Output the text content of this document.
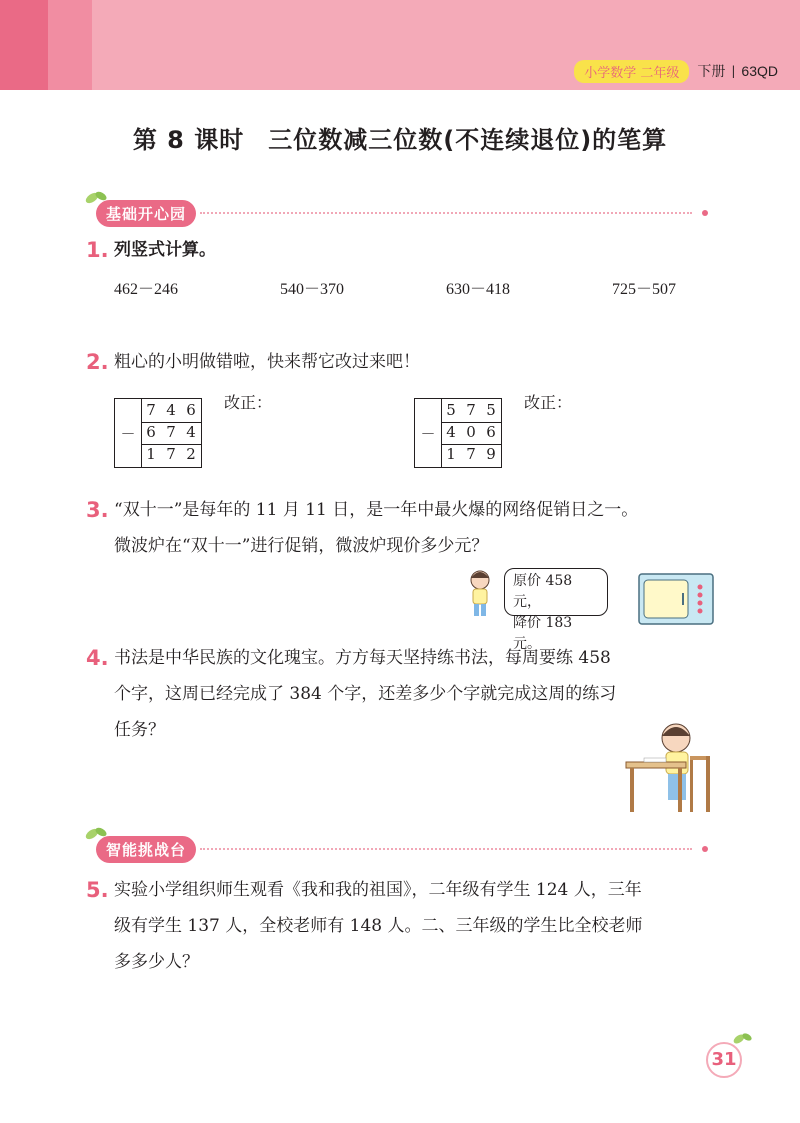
小学数学 二年级	下册 | 63QD
第 8 课时 三位数减三位数(不连续退位)的笔算
基础开心园
1. 列竖式计算。
462－246	540－370	630－418	725－507
2. 粗心的小明做错啦，快来帮它改过来吧！
7 4 6
－ 6 7 4
1 7 2
改正：	5 7 5
－ 4 0 6
1 7 9
改正：
3. “双十一”是每年的 11 月 11 日，是一年中最火爆的网络促销日之一。
微波炉在“双十一”进行促销，微波炉现价多少元？
原价 458 元，
降价 183 元。
4. 书法是中华民族的文化瑰宝。方方每天坚持练书法，每周要练 458
个字，这周已经完成了 384 个字，还差多少个字就完成这周的练习
任务？
智能挑战台
5. 实验小学组织师生观看《我和我的祖国》，二年级有学生 124 人，三年
级有学生 137 人，全校老师有 148 人。二、三年级的学生比全校老师
多多少人？
31
